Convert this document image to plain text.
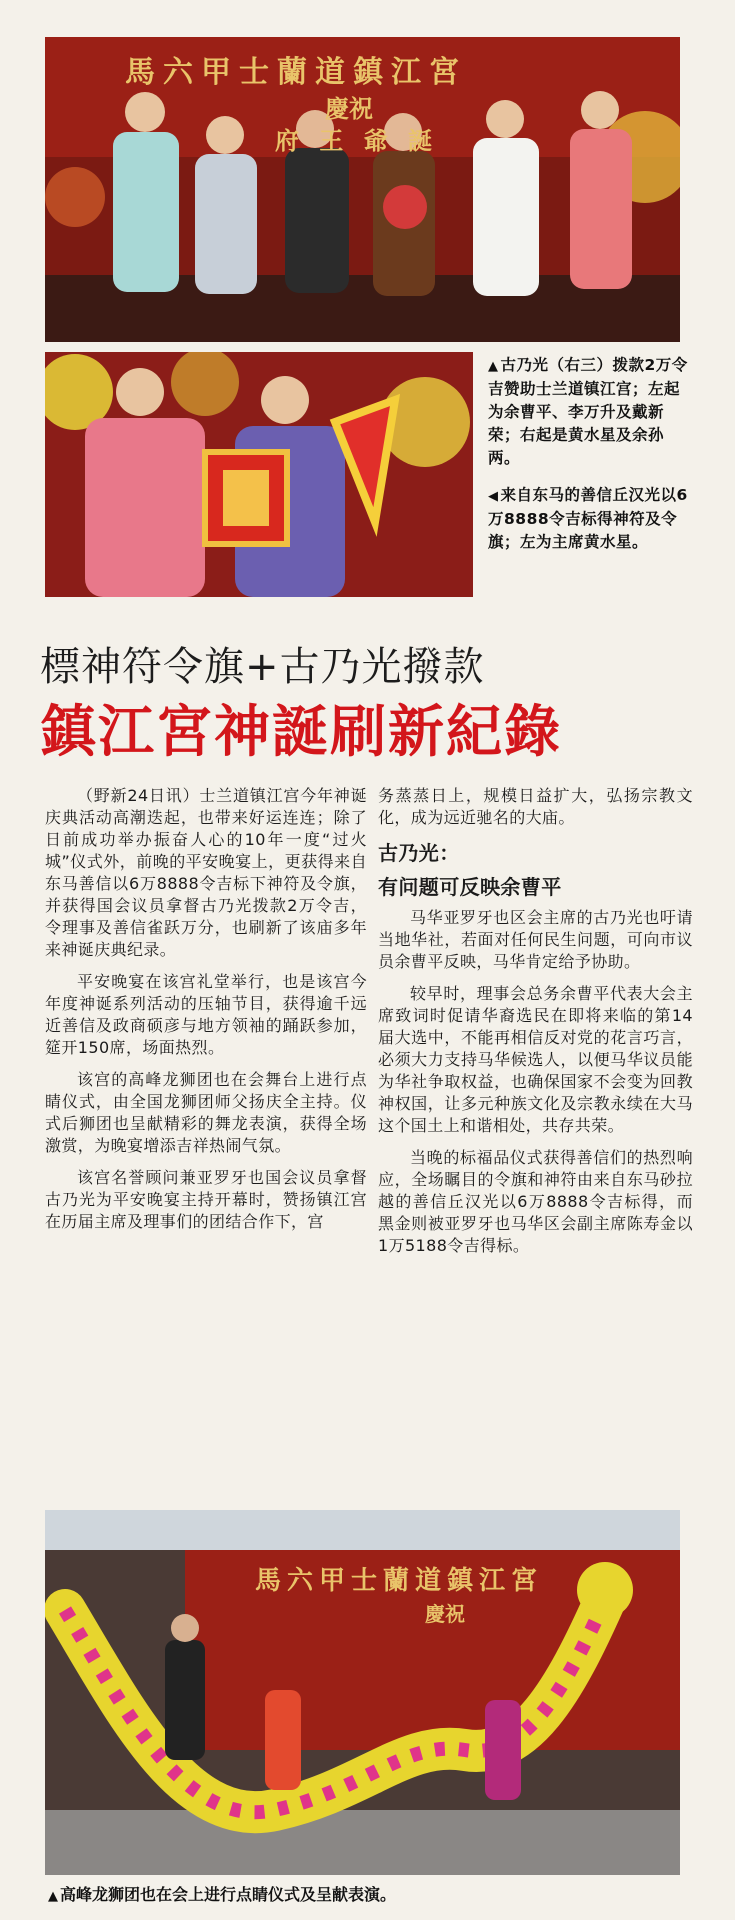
馬六甲士蘭道鎮江宮
慶祝
府 王 爺 誕

▲ 古乃光（右三）拨款2万令吉赞助士兰道镇江宫；左起为余曹平、李万升及戴新荣；右起是黄水星及余孙两。

◀ 来自东马的善信丘汉光以6万8888令吉标得神符及令旗；左为主席黄水星。

標神符令旗+古乃光撥款
鎮江宮神誕刷新紀錄

（野新24日讯）士兰道镇江宫今年神诞庆典活动高潮迭起，也带来好运连连；除了日前成功举办振奋人心的10年一度“过火城”仪式外，前晚的平安晚宴上，更获得来自东马善信以6万8888令吉标下神符及令旗，并获得国会议员拿督古乃光拨款2万令吉，令理事及善信雀跃万分，也刷新了该庙多年来神诞庆典纪录。

平安晚宴在该宫礼堂举行，也是该宫今年度神诞系列活动的压轴节目，获得逾千远近善信及政商硕彦与地方领袖的踊跃参加，筵开150席，场面热烈。

该宫的高峰龙狮团也在会舞台上进行点睛仪式，由全国龙狮团师父扬庆全主持。仪式后狮团也呈献精彩的舞龙表演，获得全场激赏，为晚宴增添吉祥热闹气氛。

该宫名誉顾问兼亚罗牙也国会议员拿督古乃光为平安晚宴主持开幕时，赞扬镇江宫在历届主席及理事们的团结合作下，宫

务蒸蒸日上，规模日益扩大，弘扬宗教文化，成为远近驰名的大庙。

古乃光：
有问题可反映余曹平

马华亚罗牙也区会主席的古乃光也吁请当地华社，若面对任何民生问题，可向市议员余曹平反映，马华肯定给予协助。

较早时，理事会总务余曹平代表大会主席致词时促请华裔选民在即将来临的第14届大选中，不能再相信反对党的花言巧言，必须大力支持马华候选人，以便马华议员能为华社争取权益，也确保国家不会变为回教神权国，让多元种族文化及宗教永续在大马这个国土上和谐相处，共存共荣。

当晚的标福品仪式获得善信们的热烈响应，全场瞩目的令旗和神符由来自东马砂拉越的善信丘汉光以6万8888令吉标得，而黑金则被亚罗牙也马华区会副主席陈寿金以1万5188令吉得标。

馬六甲士蘭道鎮江宮
慶祝
▲ 高峰龙狮团也在会上进行点睛仪式及呈献表演。
